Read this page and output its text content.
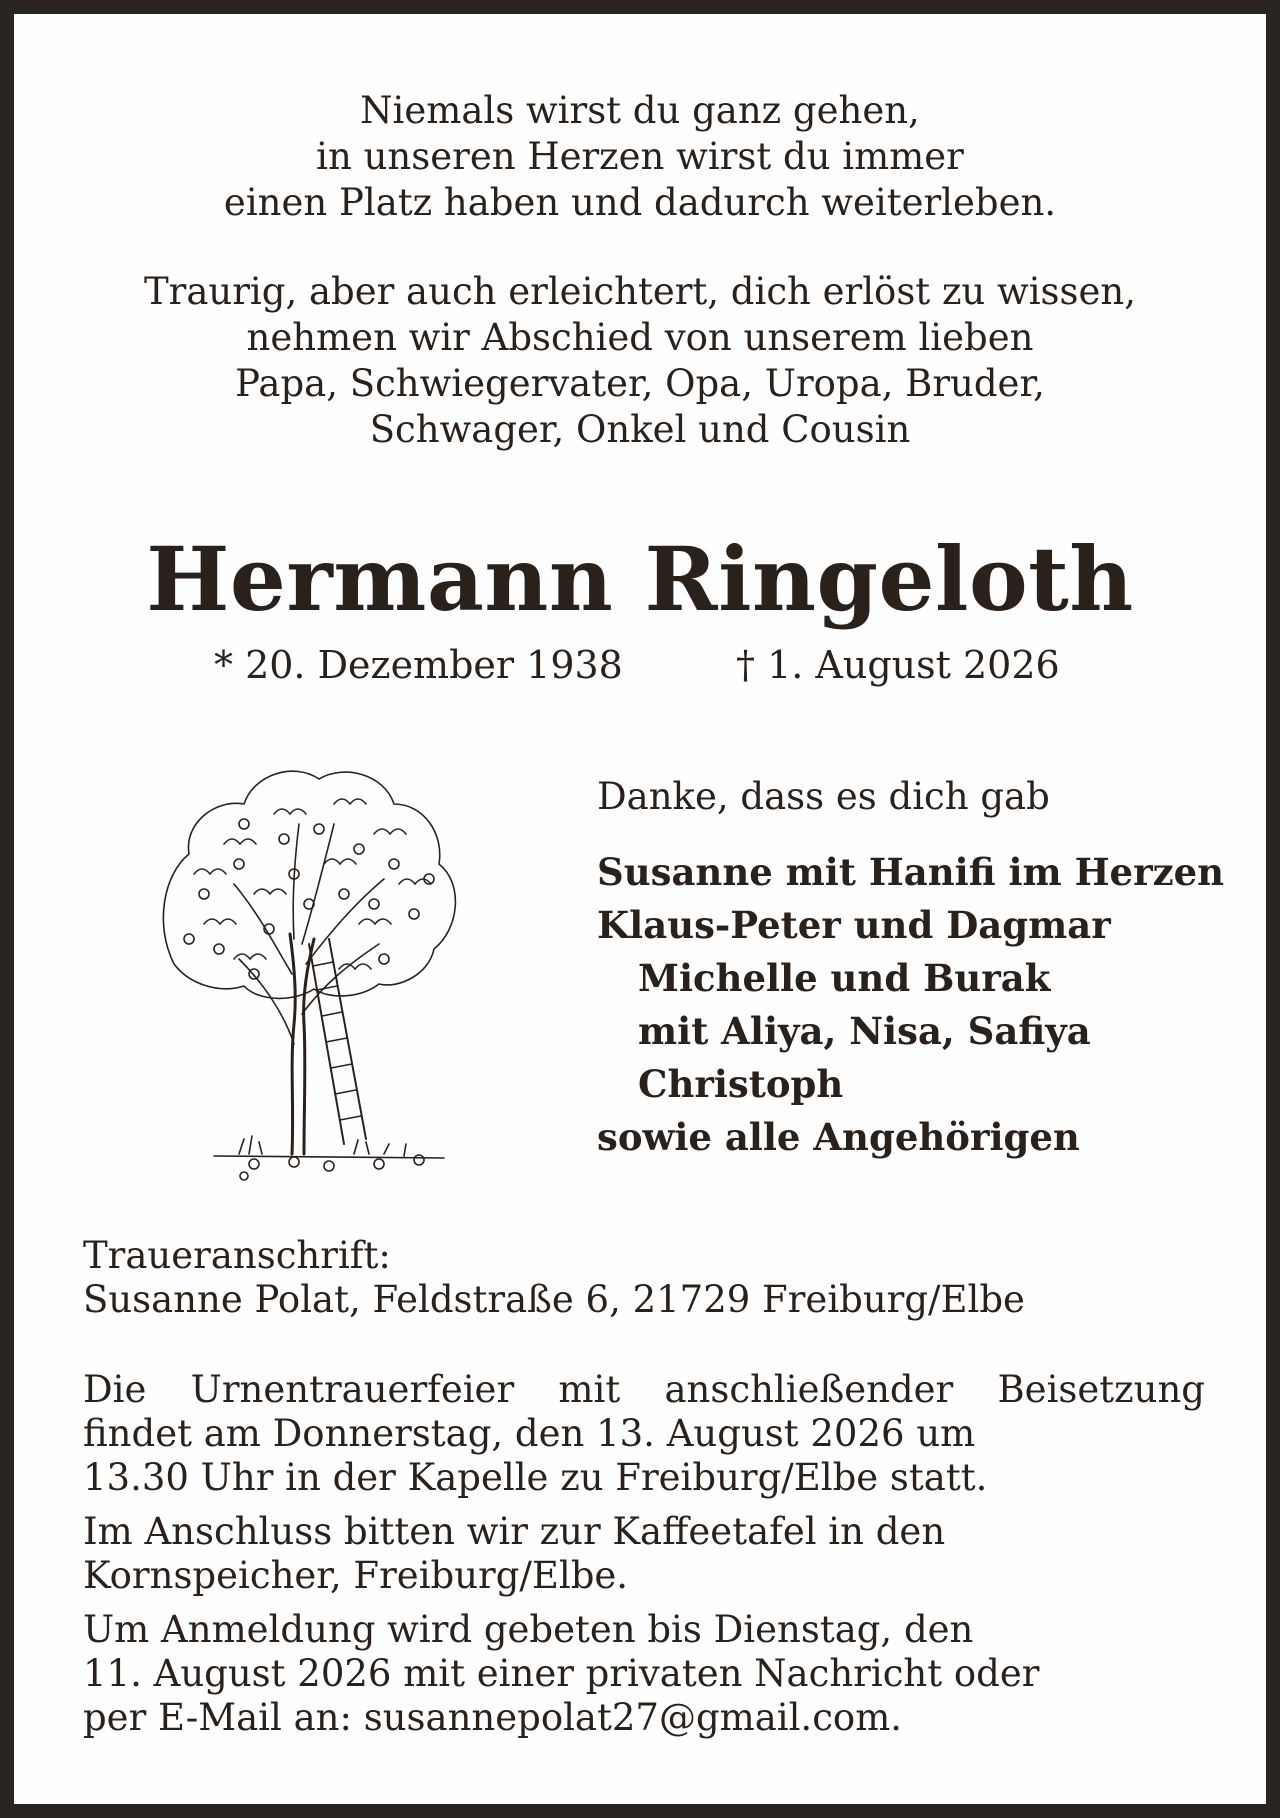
Niemals wirst du ganz gehen,
in unseren Herzen wirst du immer
einen Platz haben und dadurch weiterleben.
Traurig, aber auch erleichtert, dich erlöst zu wissen,
nehmen wir Abschied von unserem lieben
Papa, Schwiegervater, Opa, Uropa, Bruder,
Schwager, Onkel und Cousin
Hermann Ringeloth
* 20. Dezember 1938	† 1. August 2026
Danke, dass es dich gab
Susanne mit Hanifi im Herzen
Klaus-Peter und Dagmar
Michelle und Burak
mit Aliya, Nisa, Safiya
Christoph
sowie alle Angehörigen
Traueranschrift:
Susanne Polat, Feldstraße 6, 21729 Freiburg/Elbe
Die Urnentrauerfeier mit anschließender Beisetzung
findet am Donnerstag, den 13. August 2026 um
13.30 Uhr in der Kapelle zu Freiburg/Elbe statt.
Im Anschluss bitten wir zur Kaffeetafel in den
Kornspeicher, Freiburg/Elbe.
Um Anmeldung wird gebeten bis Dienstag, den
11. August 2026 mit einer privaten Nachricht oder
per E-Mail an: susannepolat27@gmail.com.
